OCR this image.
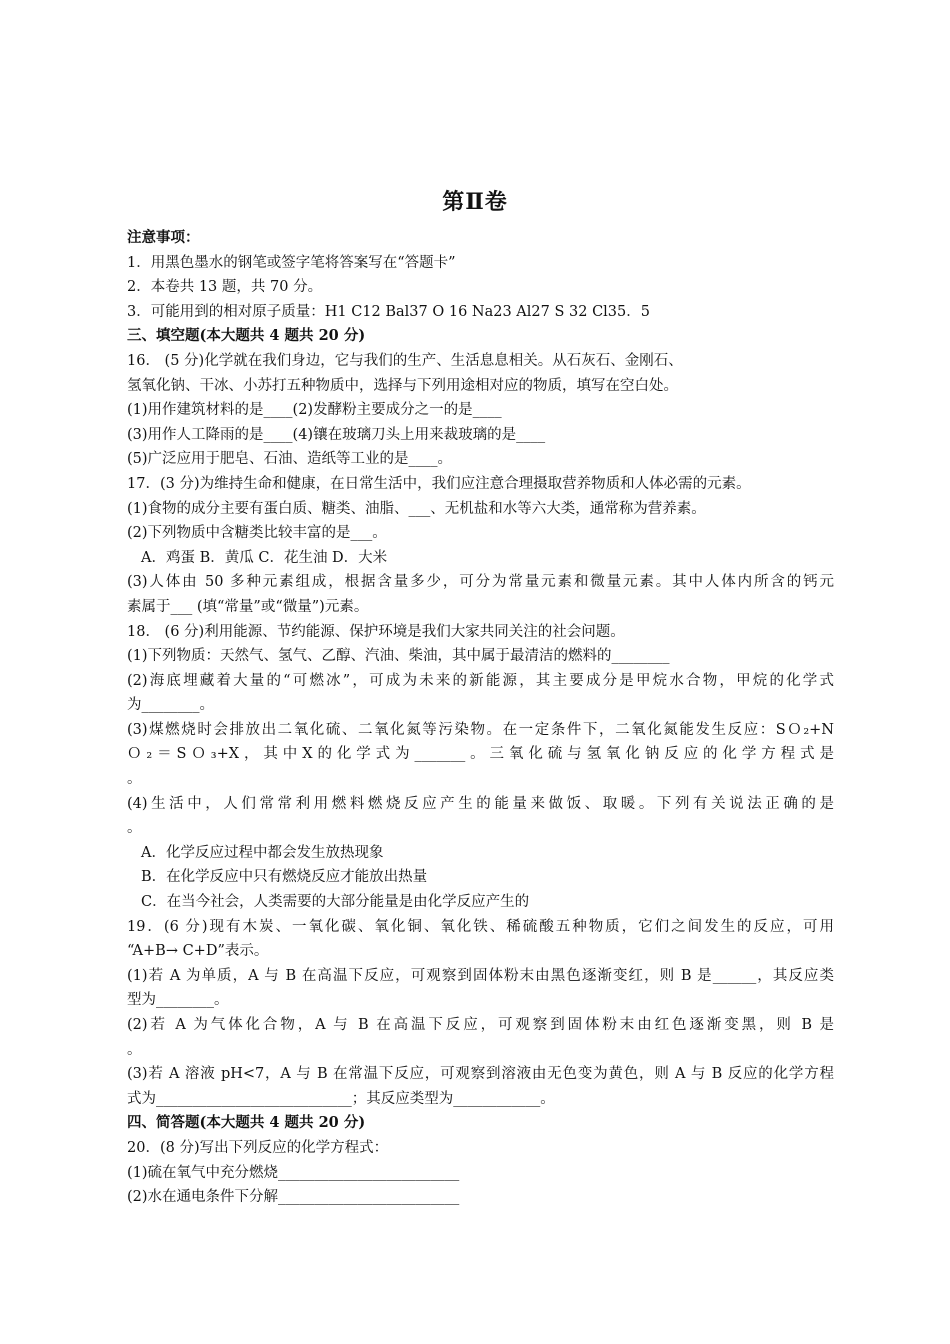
第Ⅱ卷
注意事项：
1．用黑色墨水的钢笔或签字笔将答案写在“答题卡”
2．本卷共 13 题，共 70 分。
3．可能用到的相对原子质量：H1 C12 Bal37 O 16 Na23 Al27 S 32 Cl35．5
三、填空题(本大题共 4 题共 20 分)
16． (5 分)化学就在我们身边，它与我们的生产、生活息息相关。从石灰石、金刚石、
氢氧化钠、干冰、小苏打五种物质中，选择与下列用途相对应的物质，填写在空白处。
(1)用作建筑材料的是____(2)发酵粉主要成分之一的是____
(3)用作人工降雨的是____(4)镶在玻璃刀头上用来裁玻璃的是____
(5)广泛应用于肥皂、石油、造纸等工业的是____。
17．(3 分)为维持生命和健康，在日常生活中，我们应注意合理摄取营养物质和人体必需的元素。
(1)食物的成分主要有蛋白质、糖类、油脂、___、无机盐和水等六大类，通常称为营养素。
(2)下列物质中含糖类比较丰富的是___。
A．鸡蛋 B．黄瓜 C．花生油 D．大米
(3)人体由 50 多种元素组成，根据含量多少，可分为常量元素和微量元素。其中人体内所含的钙元
素属于___ (填“常量”或“微量”)元素。
18． (6 分)利用能源、节约能源、保护环境是我们大家共同关注的社会问题。
(1)下列物质：天然气、氢气、乙醇、汽油、柴油，其中属于最清洁的燃料的________
(2)海底埋藏着大量的“可燃冰”，可成为未来的新能源，其主要成分是甲烷水合物，甲烷的化学式
为________。
(3)煤燃烧时会排放出二氧化硫、二氧化氮等污染物。在一定条件下，二氧化氮能发生反应：SＯ₂+N
Ｏ₂＝SＯ₃+X，其中X的化学式为_______。三氧化硫与氢氧化钠反应的化学方程式是
。
(4)生活中，人们常常利用燃料燃烧反应产生的能量来做饭、取暖。下列有关说法正确的是
。
A．化学反应过程中都会发生放热现象
B．在化学反应中只有燃烧反应才能放出热量
C．在当今社会，人类需要的大部分能量是由化学反应产生的
19．(6 分)现有木炭、一氧化碳、氧化铜、氧化铁、稀硫酸五种物质，它们之间发生的反应，可用
“A+B→ C+D”表示。
(1)若 A 为单质，A 与 B 在高温下反应，可观察到固体粉末由黑色逐渐变红，则 B 是______，其反应类
型为________。
(2)若 A 为气体化合物，A 与 B 在高温下反应，可观察到固体粉末由红色逐渐变黑，则 B 是
。
(3)若 A 溶液 pH<7，A 与 B 在常温下反应，可观察到溶液由无色变为黄色，则 A 与 B 反应的化学方程
式为___________________________；其反应类型为____________。
四、简答题(本大题共 4 题共 20 分)
20．(8 分)写出下列反应的化学方程式：
(1)硫在氧气中充分燃烧_________________________
(2)水在通电条件下分解_________________________
